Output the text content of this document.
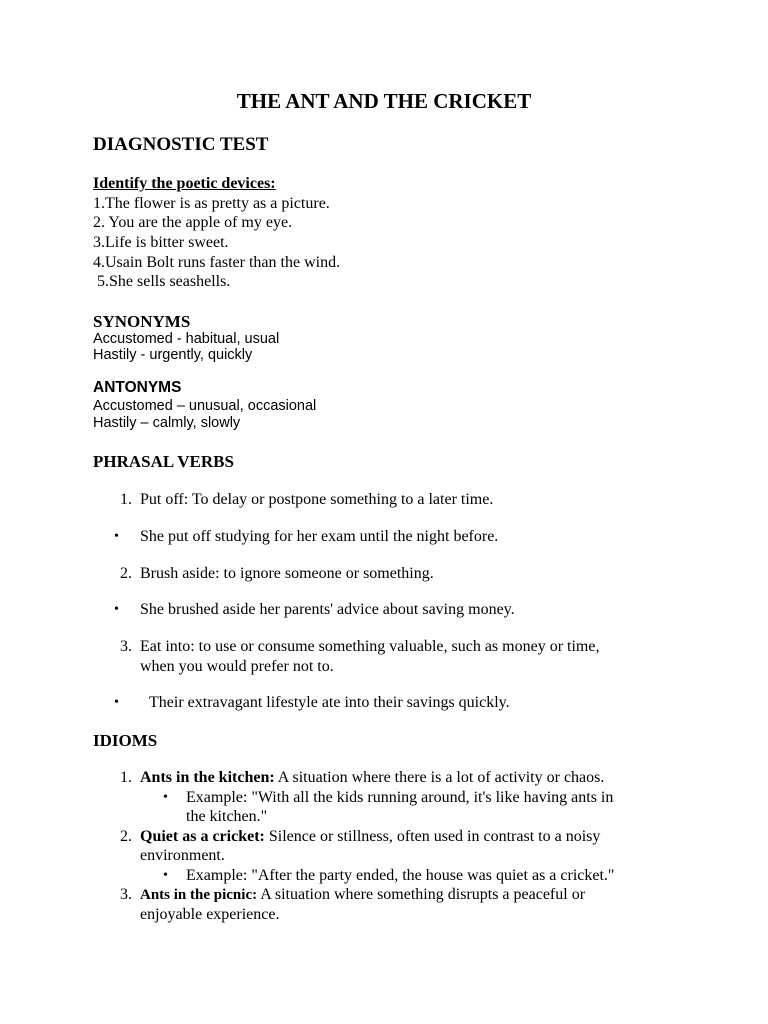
THE ANT AND THE CRICKET
DIAGNOSTIC TEST
Identify the poetic devices:
1.The flower is as pretty as a picture.
2. You are the apple of my eye.
3.Life is bitter sweet.
4.Usain Bolt runs faster than the wind.
5.She sells seashells.
SYNONYMS
Accustomed - habitual, usual
Hastily - urgently, quickly
ANTONYMS
Accustomed – unusual, occasional
Hastily – calmly, slowly
PHRASAL VERBS
1. Put off: To delay or postpone something to a later time.
• She put off studying for her exam until the night before.
2. Brush aside: to ignore someone or something.
• She brushed aside her parents' advice about saving money.
3. Eat into: to use or consume something valuable, such as money or time,
when you would prefer not to.
• Their extravagant lifestyle ate into their savings quickly.
IDIOMS
1. Ants in the kitchen: A situation where there is a lot of activity or chaos.
• Example: "With all the kids running around, it's like having ants in
the kitchen."
2. Quiet as a cricket: Silence or stillness, often used in contrast to a noisy
environment.
• Example: "After the party ended, the house was quiet as a cricket."
3. Ants in the picnic: A situation where something disrupts a peaceful or
enjoyable experience.
